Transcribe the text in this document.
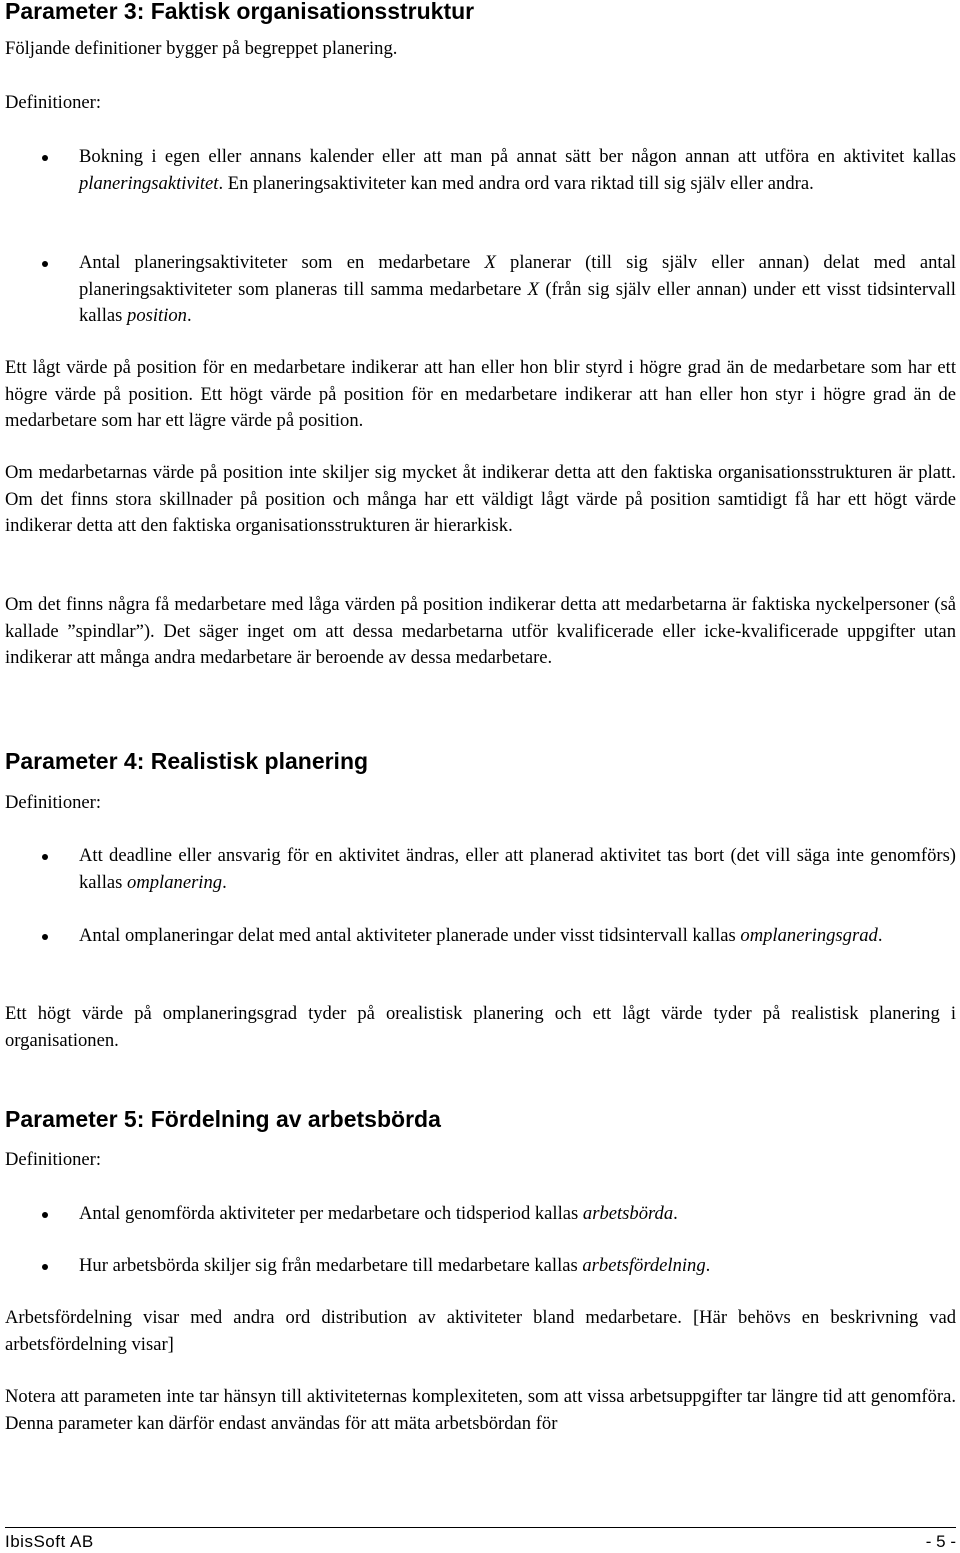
Parameter 3: Faktisk organisationsstruktur

Följande definitioner bygger på begreppet planering.

Definitioner:

Bokning i egen eller annans kalender eller att man på annat sätt ber någon annan att utföra en aktivitet kallas planeringsaktivitet. En planeringsaktiviteter kan med andra ord vara riktad till sig själv eller andra.

Antal planeringsaktiviteter som en medarbetare X planerar (till sig själv eller annan) delat med antal planeringsaktiviteter som planeras till samma medarbetare X (från sig själv eller annan) under ett visst tidsintervall kallas position.

Ett lågt värde på position för en medarbetare indikerar att han eller hon blir styrd i högre grad än de medarbetare som har ett högre värde på position. Ett högt värde på position för en medarbetare indikerar att han eller hon styr i högre grad än de medarbetare som har ett lägre värde på position.

Om medarbetarnas värde på position inte skiljer sig mycket åt indikerar detta att den faktiska organisationsstrukturen är platt. Om det finns stora skillnader på position och många har ett väldigt lågt värde på position samtidigt få har ett högt värde indikerar detta att den faktiska organisationsstrukturen är hierarkisk.

Om det finns några få medarbetare med låga värden på position indikerar detta att medarbetarna är faktiska nyckelpersoner (så kallade ”spindlar”). Det säger inget om att dessa medarbetarna utför kvalificerade eller icke-kvalificerade uppgifter utan indikerar att många andra medarbetare är beroende av dessa medarbetare.

Parameter 4: Realistisk planering

Definitioner:

Att deadline eller ansvarig för en aktivitet ändras, eller att planerad aktivitet tas bort (det vill säga inte genomförs) kallas omplanering.

Antal omplaneringar delat med antal aktiviteter planerade under visst tidsintervall kallas omplaneringsgrad.

Ett högt värde på omplaneringsgrad tyder på orealistisk planering och ett lågt värde tyder på realistisk planering i organisationen.

Parameter 5: Fördelning av arbetsbörda

Definitioner:

Antal genomförda aktiviteter per medarbetare och tidsperiod kallas arbetsbörda.

Hur arbetsbörda skiljer sig från medarbetare till medarbetare kallas arbetsfördelning.

Arbetsfördelning visar med andra ord distribution av aktiviteter bland medarbetare. [Här behövs en beskrivning vad arbetsfördelning visar]

Notera att parameten inte tar hänsyn till aktiviteternas komplexiteten, som att vissa arbetsuppgifter tar längre tid att genomföra. Denna parameter kan därför endast användas för att mäta arbetsbördan för

IbisSoft AB	- 5 -
